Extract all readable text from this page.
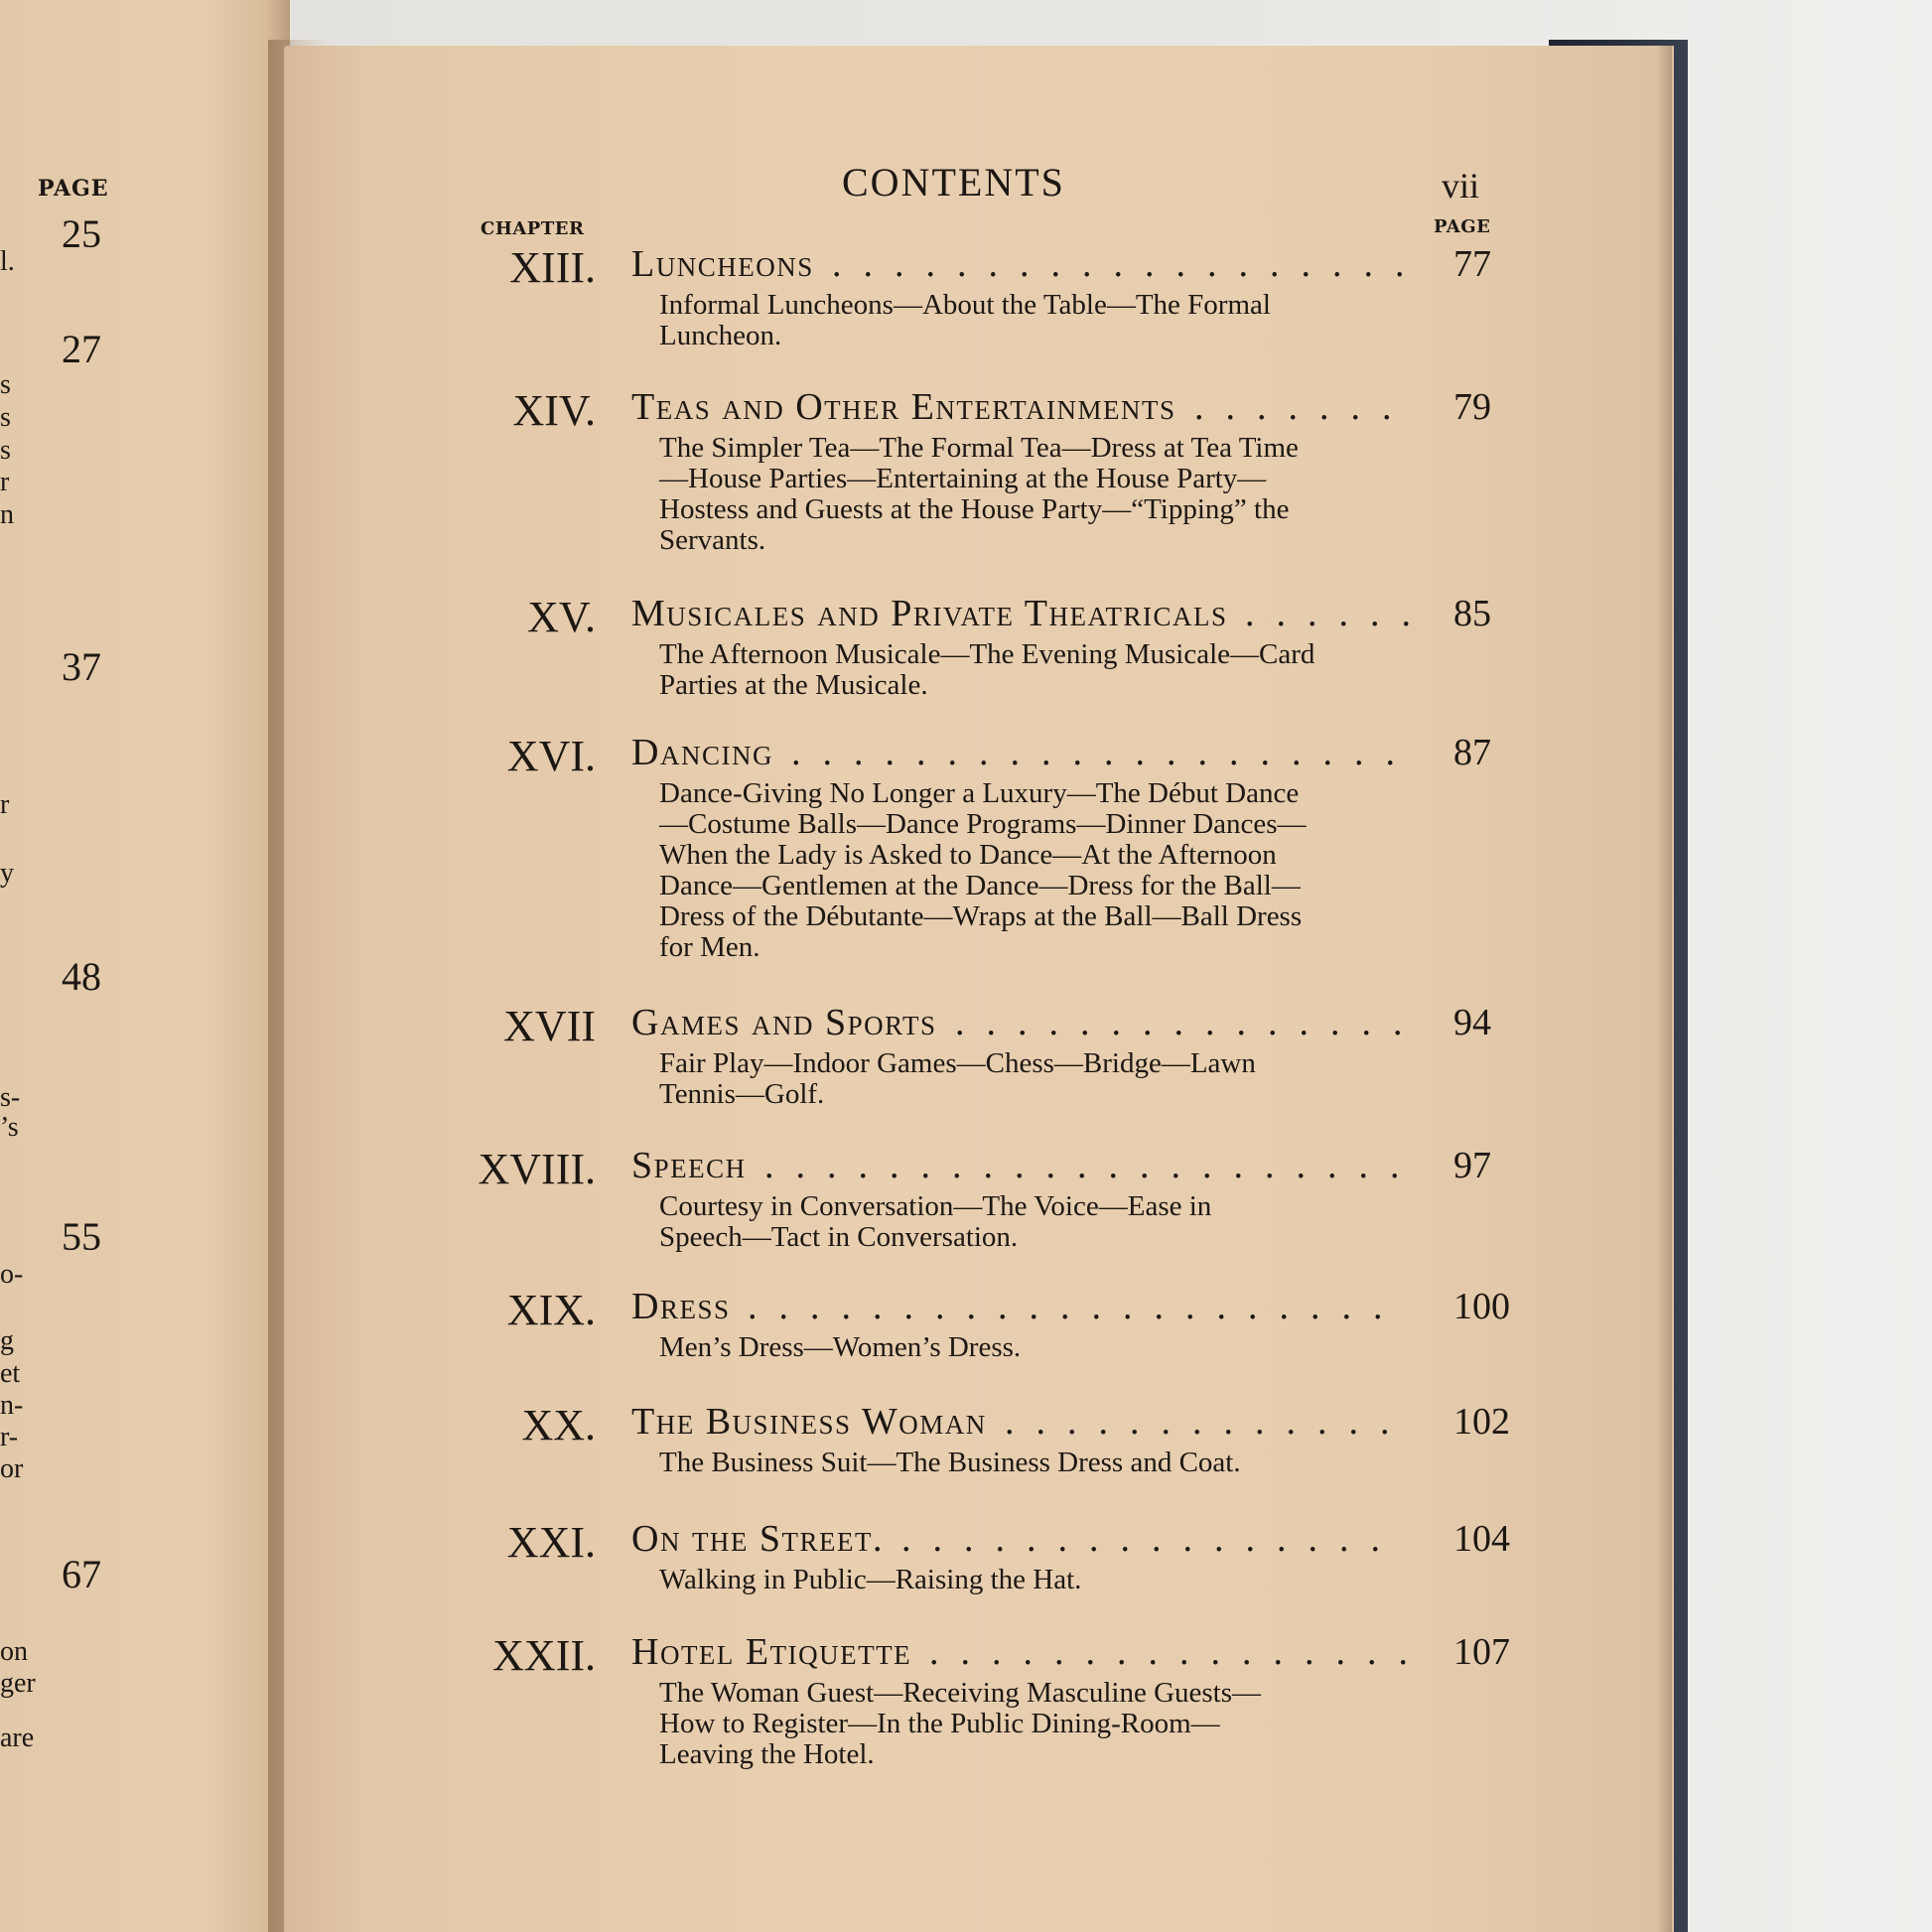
PAGE
25
27
37
48
55
67
l.
s
s
s
r
n
r
y
s-
’s
o-
g
et
n-
r-
or
on
ger
are
CONTENTS	vii
CHAPTER	PAGE
XIII. Luncheons ................... 77
Informal Luncheons—About the Table—The Formal
Luncheon.
XIV. Teas and Other Entertainments ....... 79
The Simpler Tea—The Formal Tea—Dress at Tea Time
—House Parties—Entertaining at the House Party—
Hostess and Guests at the House Party—“Tipping” the
Servants.
XV. Musicales and Private Theatricals ...... 85
The Afternoon Musicale—The Evening Musicale—Card
Parties at the Musicale.
XVI. Dancing .................... 87
Dance-Giving No Longer a Luxury—The Début Dance
—Costume Balls—Dance Programs—Dinner Dances—
When the Lady is Asked to Dance—At the Afternoon
Dance—Gentlemen at the Dance—Dress for the Ball—
Dress of the Débutante—Wraps at the Ball—Ball Dress
for Men.
XVII Games and Sports ............... 94
Fair Play—Indoor Games—Chess—Bridge—Lawn
Tennis—Golf.
XVIII. Speech ..................... 97
Courtesy in Conversation—The Voice—Ease in
Speech—Tact in Conversation.
XIX. Dress ..................... 100
Men’s Dress—Women’s Dress.
XX. The Business Woman ............. 102
The Business Suit—The Business Dress and Coat.
XXI. On the Street. ................ 104
Walking in Public—Raising the Hat.
XXII. Hotel Etiquette ................ 107
The Woman Guest—Receiving Masculine Guests—
How to Register—In the Public Dining-Room—
Leaving the Hotel.
